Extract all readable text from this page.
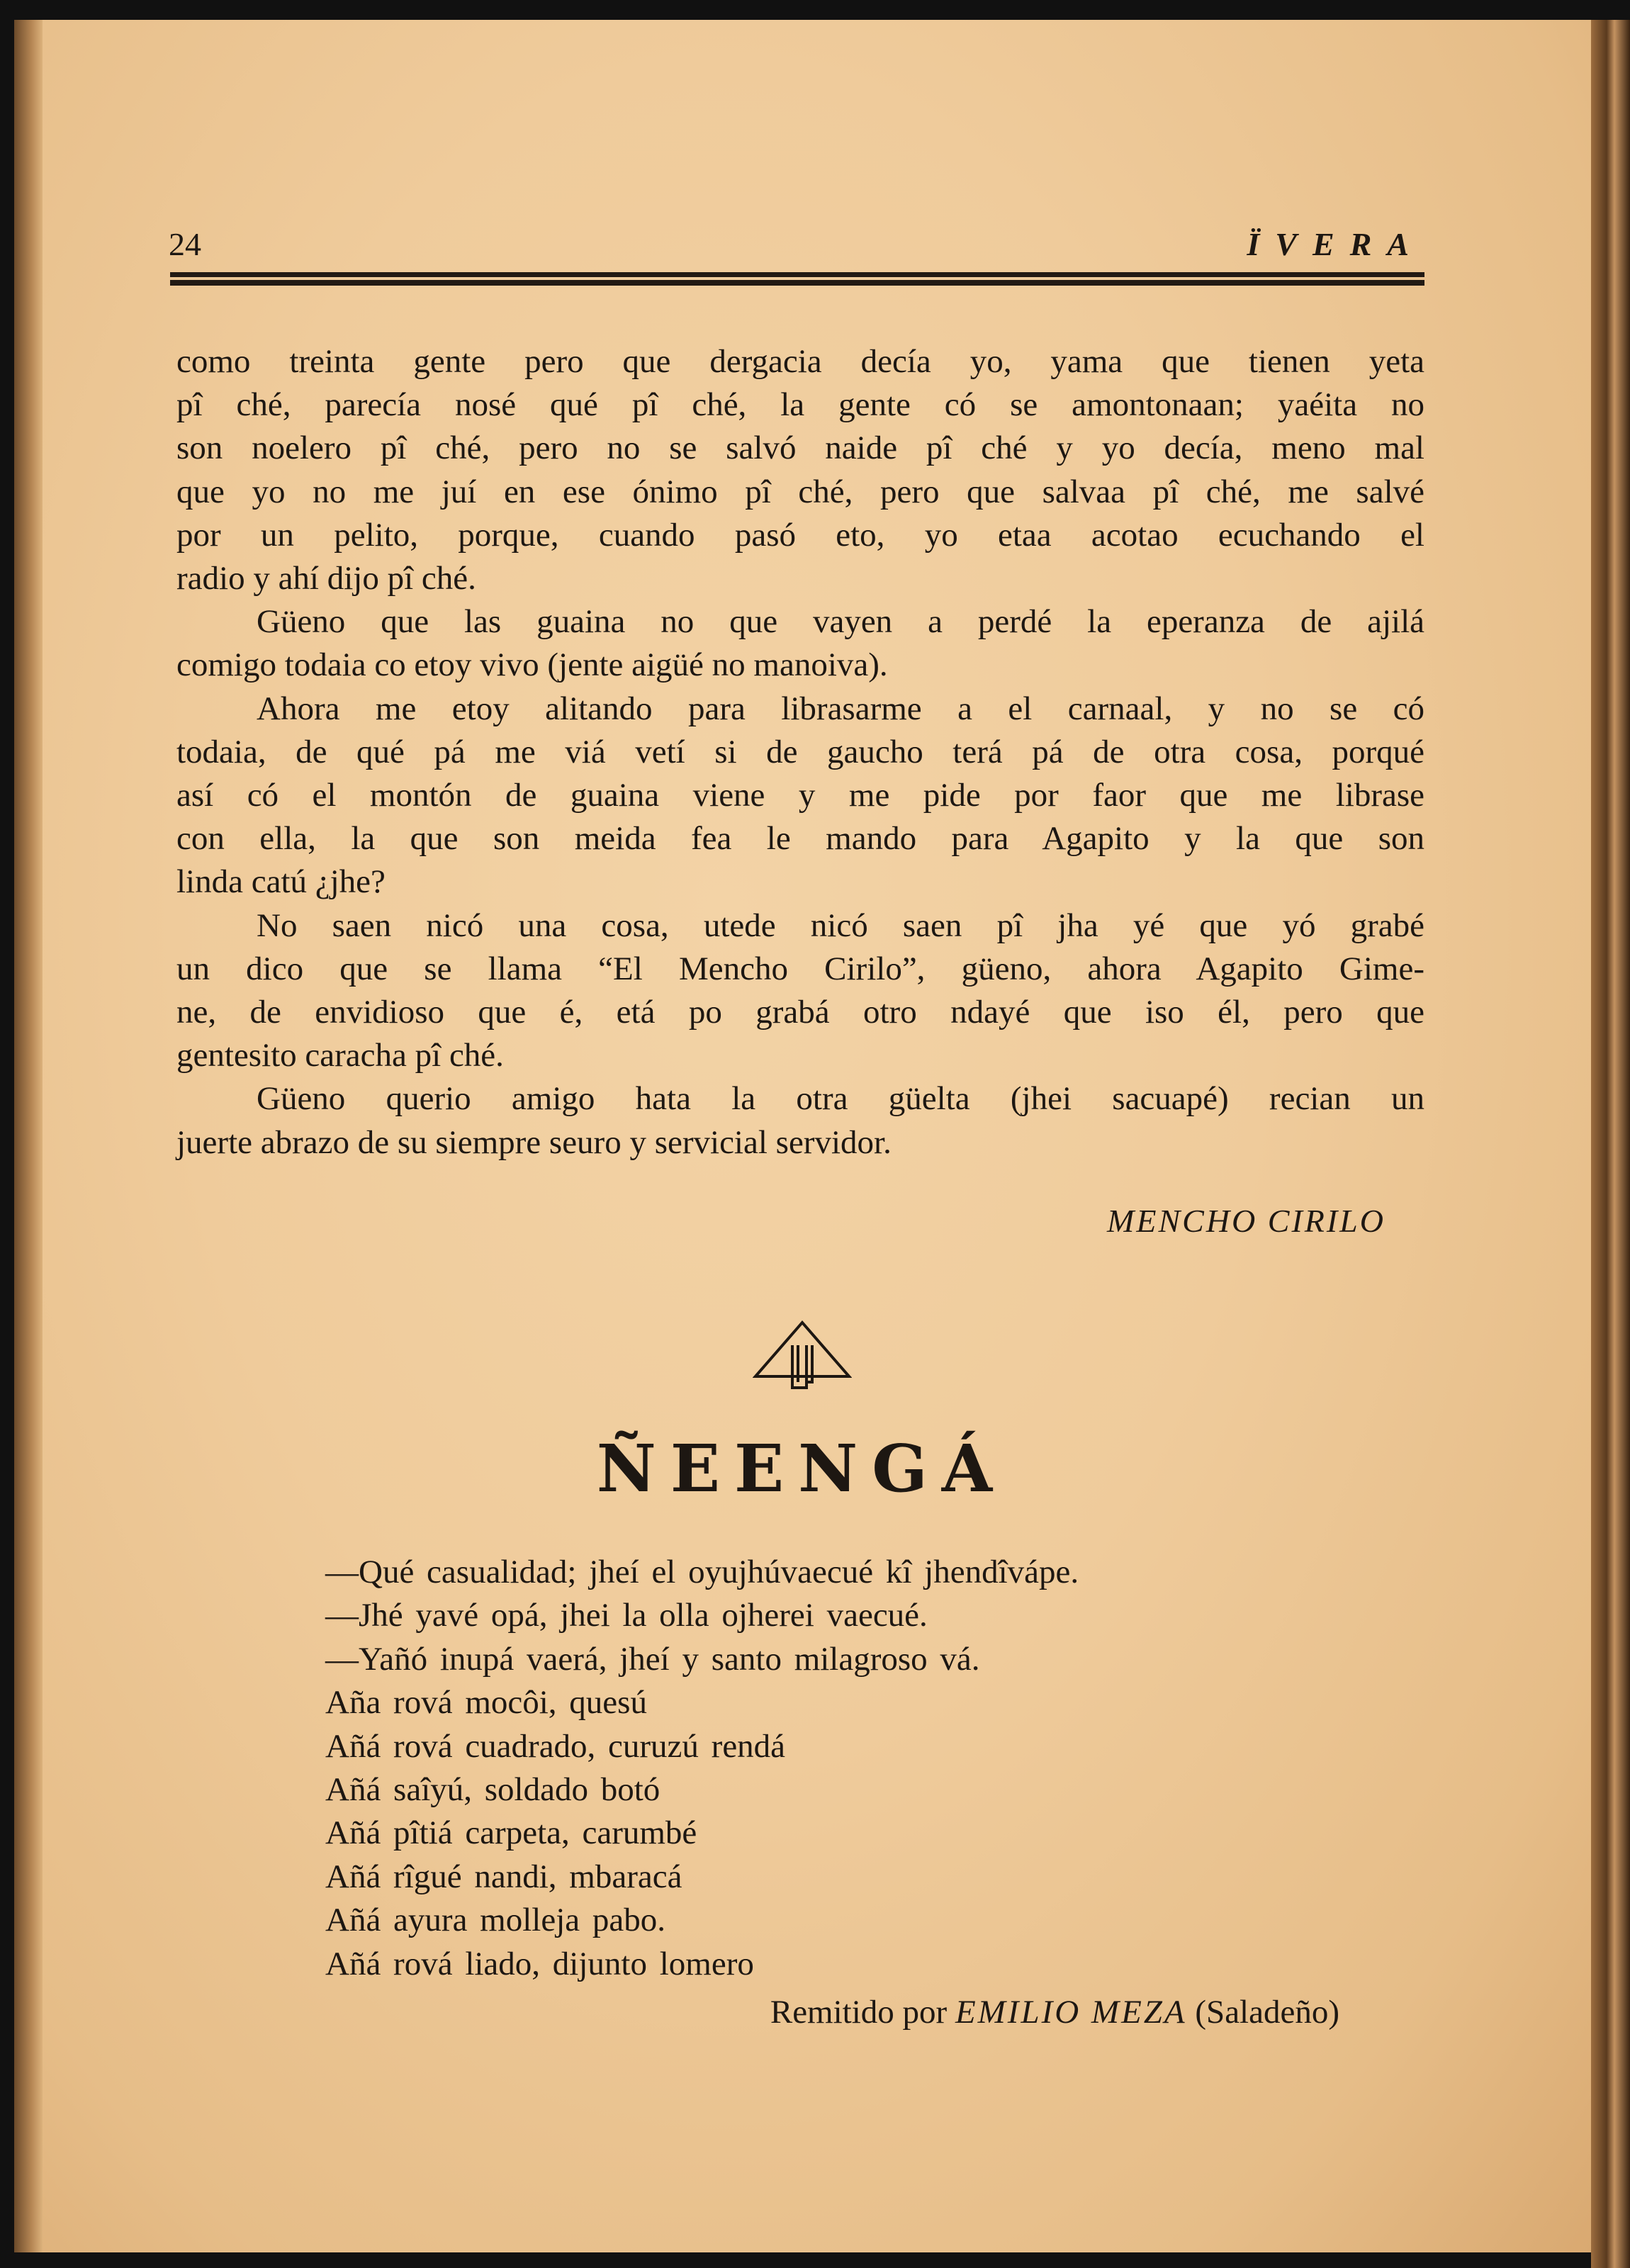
24	ÏVERA
como treinta gente pero que dergacia decía yo, yama que tienen yeta
pî ché, parecía nosé qué pî ché, la gente có se amontonaan; yaéita no
son noelero pî ché, pero no se salvó naide pî ché y yo decía, meno mal
que yo no me juí en ese ónimo pî ché, pero que salvaa pî ché, me salvé
por un pelito, porque, cuando pasó eto, yo etaa acotao ecuchando el
radio y ahí dijo pî ché.
Güeno que las guaina no que vayen a perdé la eperanza de ajilá
comigo todaia co etoy vivo (jente aigüé no manoiva).
Ahora me etoy alitando para librasarme a el carnaal, y no se có
todaia, de qué pá me viá vetí si de gaucho terá pá de otra cosa, porqué
así có el montón de guaina viene y me pide por faor que me librase
con ella, la que son meida fea le mando para Agapito y la que son
linda catú ¿jhe?
No saen nicó una cosa, utede nicó saen pî jha yé que yó grabé
un dico que se llama “El Mencho Cirilo”, güeno, ahora Agapito Gime-
ne, de envidioso que é, etá po grabá otro ndayé que iso él, pero que
gentesito caracha pî ché.
Güeno querio amigo hata la otra güelta (jhei sacuapé) recian un
juerte abrazo de su siempre seuro y servicial servidor.
MENCHO CIRILO
ÑEENGÁ
—Qué casualidad; jheí el oyujhúvaecué kî jhendîvápe.
—Jhé yavé opá, jhei la olla ojherei vaecué.
—Yañó inupá vaerá, jheí y santo milagroso vá.
Aña rová mocôi, quesú
Añá rová cuadrado, curuzú rendá
Añá saîyú, soldado botó
Añá pîtiá carpeta, carumbé
Añá rîgué nandi, mbaracá
Añá ayura molleja pabo.
Añá rová liado, dijunto lomero
Remitido por EMILIO MEZA (Saladeño)
